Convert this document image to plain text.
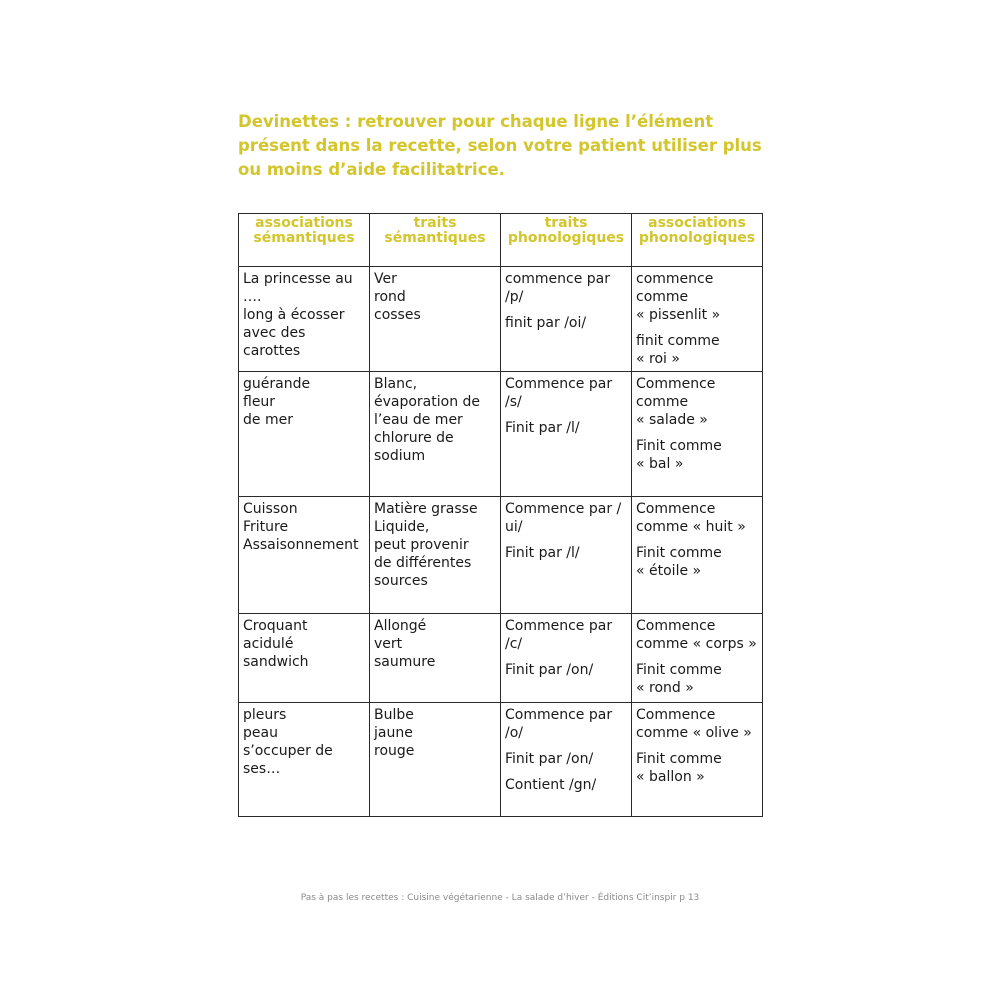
Devinettes : retrouver pour chaque ligne l’élément
présent dans la recette, selon votre patient utiliser plus
ou moins d’aide facilitatrice.
associations
sémantiques	traits
sémantiques	traits
phonologiques	associations
phonologiques

La princesse au
….
long à écosser
avec des carottes	Ver
rond
cosses	commence par
/p/
finit par /oi/	commence
comme
« pissenlit »
finit comme
« roi »

guérande
fleur
de mer	Blanc,
évaporation de
l’eau de mer
chlorure de
sodium	Commence par
/s/
Finit par /l/	Commence
comme
« salade »
Finit comme
« bal »

Cuisson
Friture
Assaisonnement	Matière grasse
Liquide,
peut provenir
de différentes
sources	Commence par /
ui/
Finit par /l/	Commence
comme « huit »
Finit comme
« étoile »

Croquant
acidulé
sandwich	Allongé
vert
saumure	Commence par
/c/
Finit par /on/	Commence
comme « corps »
Finit comme
« rond »

pleurs
peau
s’occuper de
ses…	Bulbe
jaune
rouge	Commence par
/o/
Finit par /on/
Contient /gn/	Commence
comme « olive »
Finit comme
« ballon »
Pas à pas les recettes : Cuisine végétarienne - La salade d’hiver - Éditions Cit’inspir p 13
